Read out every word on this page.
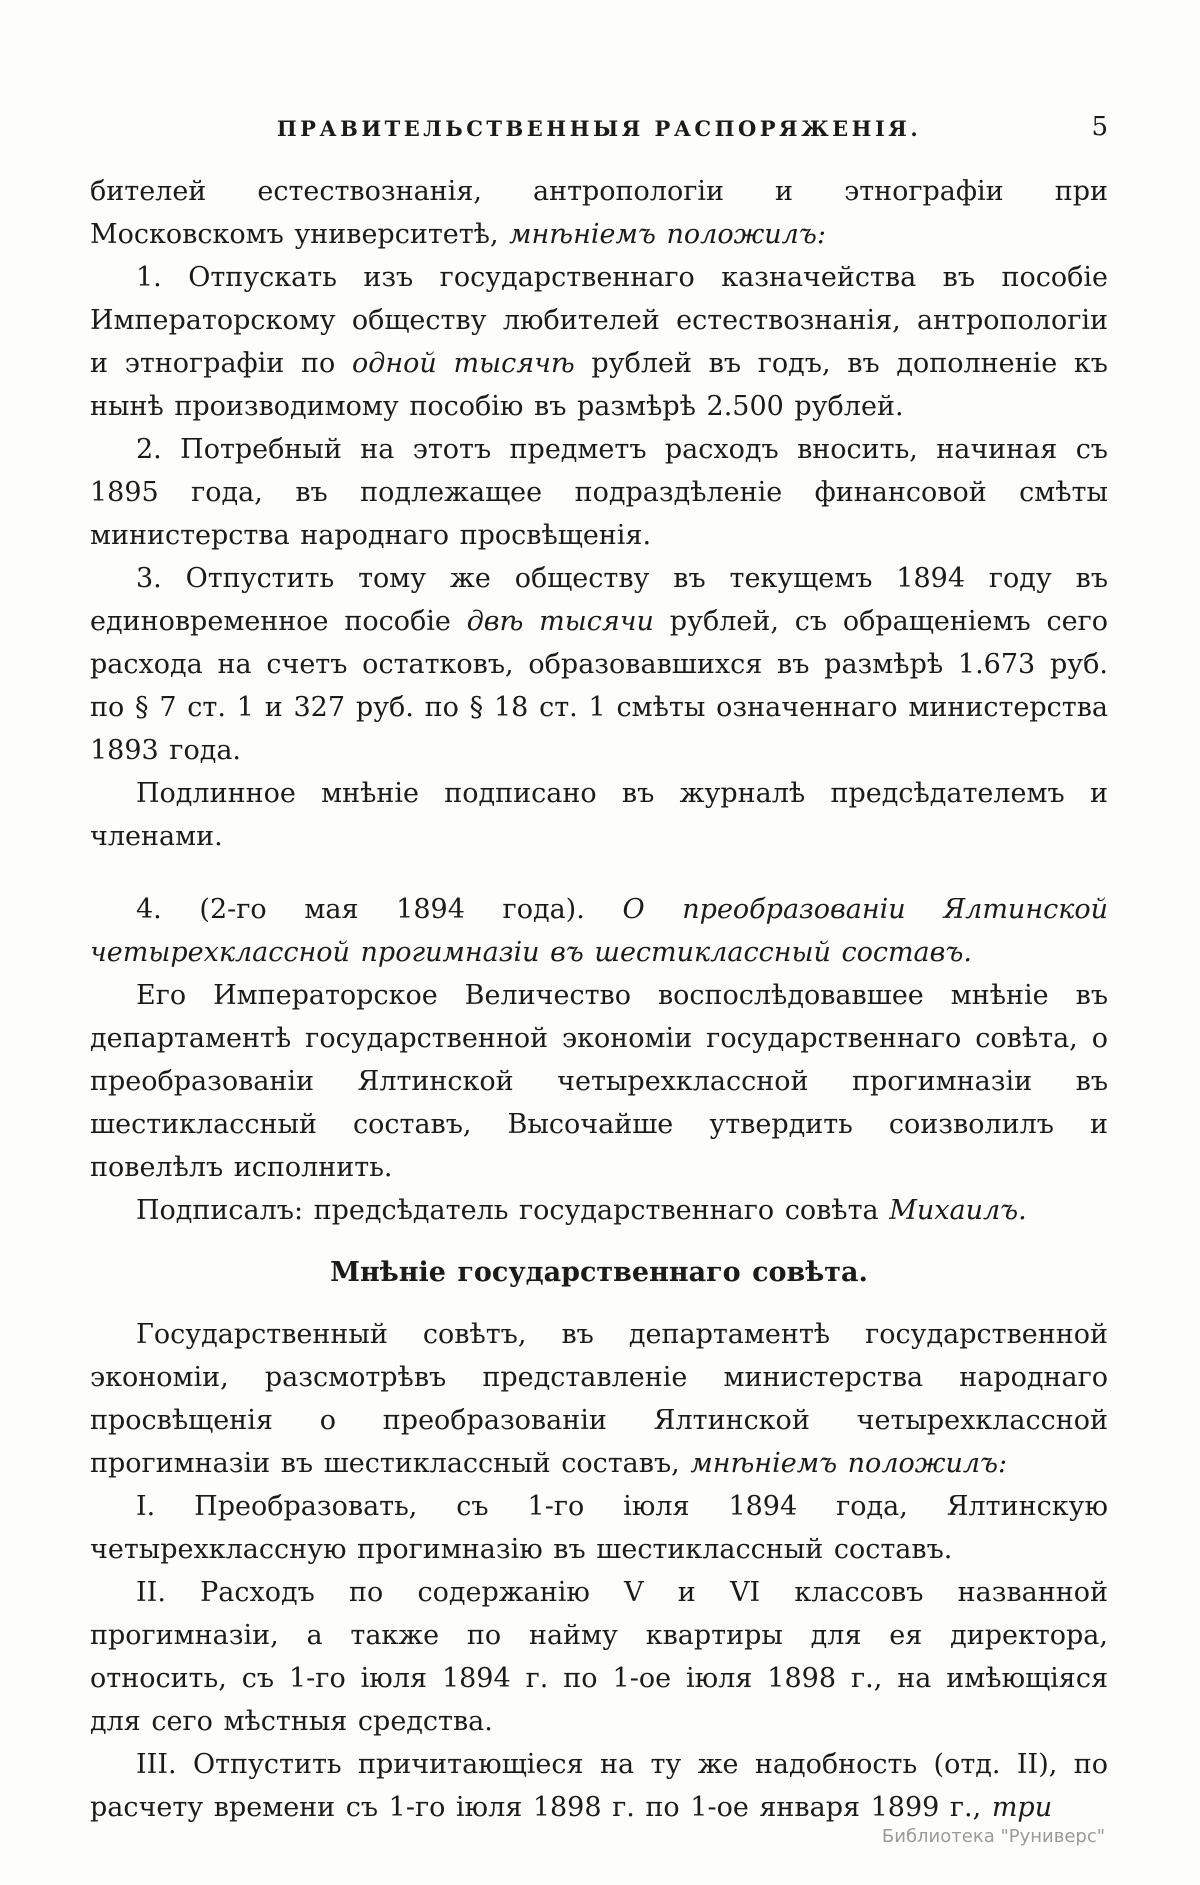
ПРАВИТЕЛЬСТВЕННЫЯ РАСПОРЯЖЕНІЯ.	5

бителей естествознанія, антропологіи и этнографіи при Московскомъ университетѣ, мнѣніемъ положилъ:

1. Отпускать изъ государственнаго казначейства въ пособіе Императорскому обществу любителей естествознанія, антропологіи и этнографіи по одной тысячѣ рублей въ годъ, въ дополненіе къ нынѣ производимому пособію въ размѣрѣ 2.500 рублей.

2. Потребный на этотъ предметъ расходъ вносить, начиная съ 1895 года, въ подлежащее подраздѣленіе финансовой смѣты министерства народнаго просвѣщенія.

3. Отпустить тому же обществу въ текущемъ 1894 году въ единовременное пособіе двѣ тысячи рублей, съ обращеніемъ сего расхода на счетъ остатковъ, образовавшихся въ размѣрѣ 1.673 руб. по § 7 ст. 1 и 327 руб. по § 18 ст. 1 смѣты означеннаго министерства 1893 года.

Подлинное мнѣніе подписано въ журналѣ предсѣдателемъ и членами.

4. (2-го мая 1894 года). О преобразованіи Ялтинской четырехклассной прогимназіи въ шестиклассный составъ.

Его Императорское Величество воспослѣдовавшее мнѣніе въ департаментѣ государственной экономіи государственнаго совѣта, о преобразованіи Ялтинской четырехклассной прогимназіи въ шестиклассный составъ, Высочайше утвердить соизволилъ и повелѣлъ исполнить.

Подписалъ: предсѣдатель государственнаго совѣта Михаилъ.

Мнѣніе государственнаго совѣта.

Государственный совѣтъ, въ департаментѣ государственной экономіи, разсмотрѣвъ представленіе министерства народнаго просвѣщенія о преобразованіи Ялтинской четырехклассной прогимназіи въ шестиклассный составъ, мнѣніемъ положилъ:

I. Преобразовать, съ 1-го іюля 1894 года, Ялтинскую четырехклассную прогимназію въ шестиклассный составъ.

II. Расходъ по содержанію V и VI классовъ названной прогимназіи, а также по найму квартиры для ея директора, относить, съ 1-го іюля 1894 г. по 1-ое іюля 1898 г., на имѣющіяся для сего мѣстныя средства.

III. Отпустить причитающіеся на ту же надобность (отд. II), по расчету времени съ 1-го іюля 1898 г. по 1-ое января 1899 г., три

Библиотека "Руниверс"
